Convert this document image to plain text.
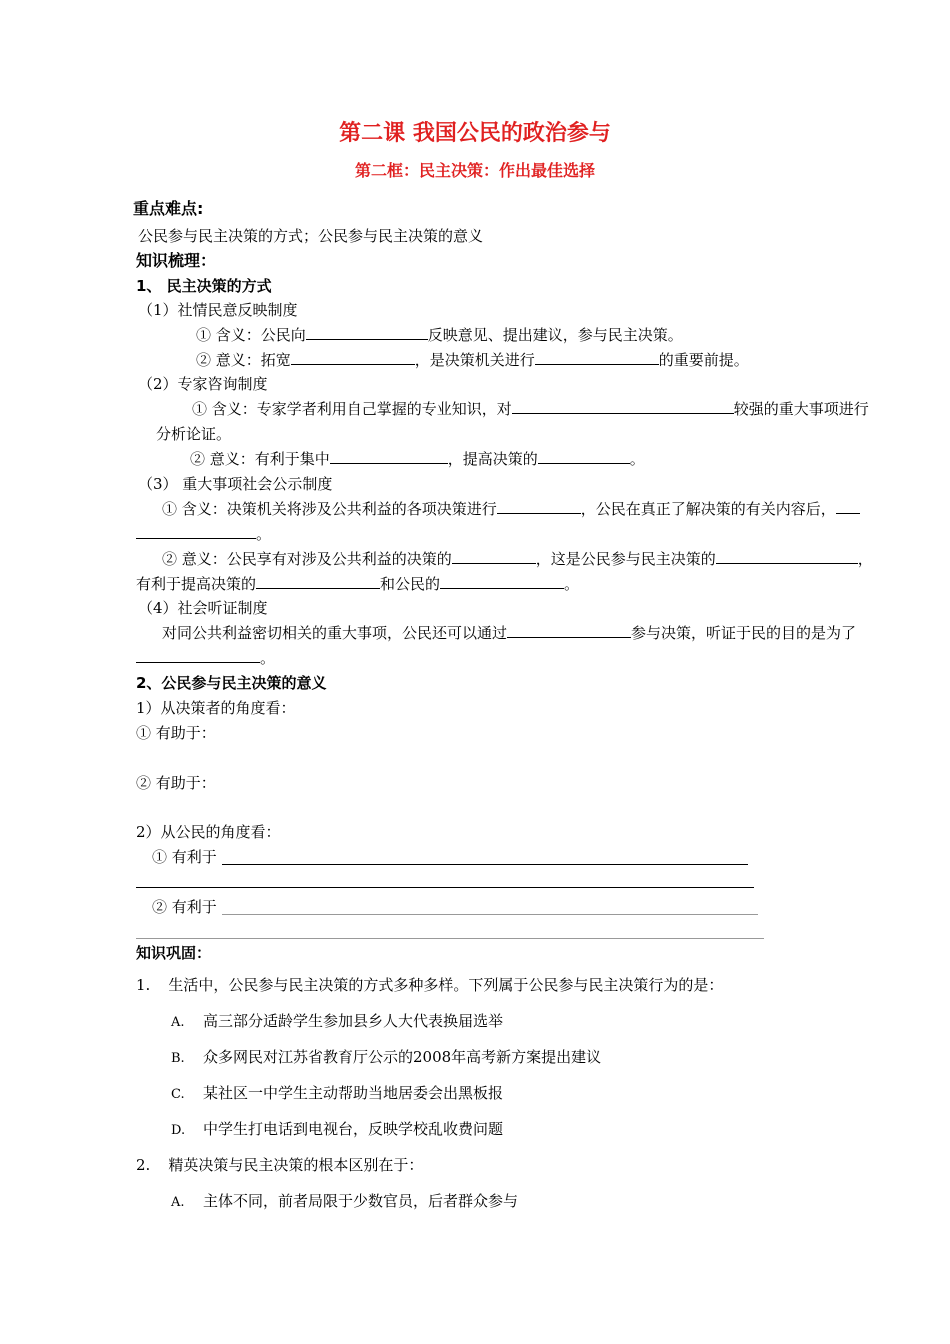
第二课 我国公民的政治参与
第二框：民主决策：作出最佳选择
重点难点:
公民参与民主决策的方式；公民参与民主决策的意义
知识梳理：
1、 民主决策的方式
（1）社情民意反映制度
① 含义：公民向	反映意见、提出建议，参与民主决策。
② 意义：拓宽	，是决策机关进行	的重要前提。
（2）专家咨询制度
① 含义：专家学者利用自己掌握的专业知识，对	较强的重大事项进行
分析论证。
② 意义：有利于集中	，提高决策的	。
（3） 重大事项社会公示制度
① 含义：决策机关将涉及公共利益的各项决策进行	，公民在真正了解决策的有关内容后，
。
② 意义：公民享有对涉及公共利益的决策的	，这是公民参与民主决策的	，
有利于提高决策的	和公民的	。
（4）社会听证制度
对同公共利益密切相关的重大事项，公民还可以通过	参与决策，听证于民的目的是为了
。
2、公民参与民主决策的意义
1）从决策者的角度看：
① 有助于：
② 有助于：
2）从公民的角度看：
① 有利于
② 有利于
知识巩固：
1. 生活中，公民参与民主决策的方式多种多样。下列属于公民参与民主决策行为的是：
A. 高三部分适龄学生参加县乡人大代表换届选举
B. 众多网民对江苏省教育厅公示的2008年高考新方案提出建议
C. 某社区一中学生主动帮助当地居委会出黑板报
D. 中学生打电话到电视台，反映学校乱收费问题
2. 精英决策与民主决策的根本区别在于：
A. 主体不同，前者局限于少数官员，后者群众参与
